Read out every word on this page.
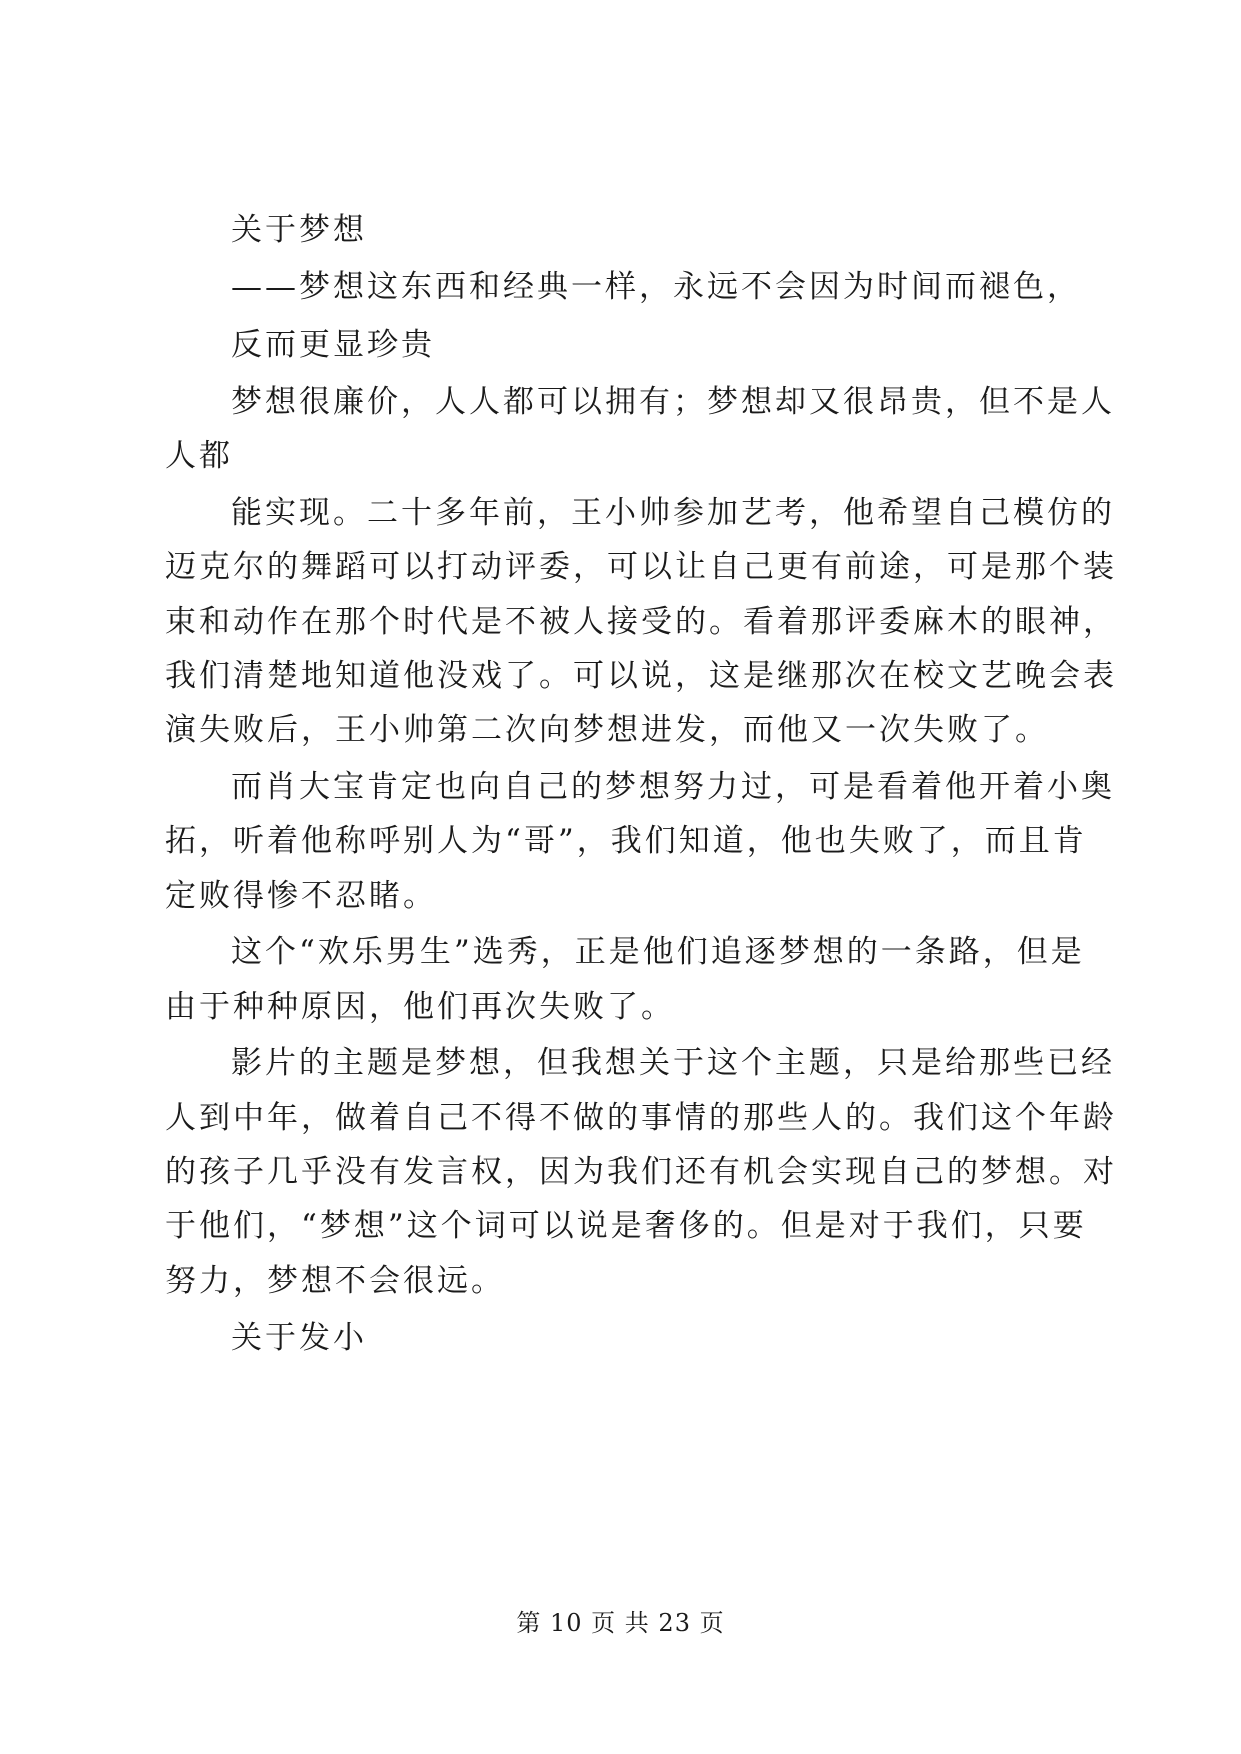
关于梦想
——梦想这东西和经典一样，永远不会因为时间而褪色，
反而更显珍贵
梦想很廉价，人人都可以拥有；梦想却又很昂贵，但不是人
人都
能实现。二十多年前，王小帅参加艺考，他希望自己模仿的
迈克尔的舞蹈可以打动评委，可以让自己更有前途，可是那个装
束和动作在那个时代是不被人接受的。看着那评委麻木的眼神，
我们清楚地知道他没戏了。可以说，这是继那次在校文艺晚会表
演失败后，王小帅第二次向梦想进发，而他又一次失败了。
而肖大宝肯定也向自己的梦想努力过，可是看着他开着小奥
拓，听着他称呼别人为“哥”，我们知道，他也失败了，而且肯
定败得惨不忍睹。
这个“欢乐男生”选秀，正是他们追逐梦想的一条路，但是
由于种种原因，他们再次失败了。
影片的主题是梦想，但我想关于这个主题，只是给那些已经
人到中年，做着自己不得不做的事情的那些人的。我们这个年龄
的孩子几乎没有发言权，因为我们还有机会实现自己的梦想。对
于他们，“梦想”这个词可以说是奢侈的。但是对于我们，只要
努力，梦想不会很远。
关于发小
第 10 页 共 23 页
